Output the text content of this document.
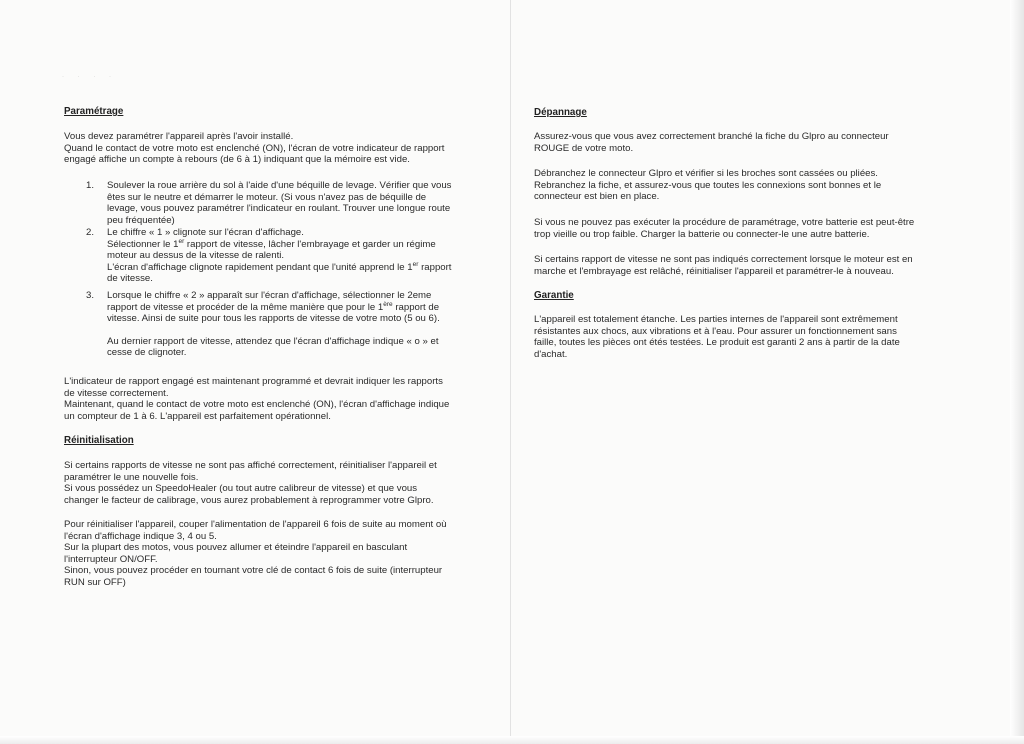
· · · ·
Paramétrage

Vous devez paramétrer l'appareil après l'avoir installé.
Quand le contact de votre moto est enclenché (ON), l'écran de votre indicateur de rapport
engagé affiche un compte à rebours (de 6 à 1) indiquant que la mémoire est vide.

1. Soulever la roue arrière du sol à l'aide d'une béquille de levage. Vérifier que vous
êtes sur le neutre et démarrer le moteur. (Si vous n'avez pas de béquille de
levage, vous pouvez paramétrer l'indicateur en roulant. Trouver une longue route
peu fréquentée)
2. Le chiffre « 1 » clignote sur l'écran d'affichage.
Sélectionner le 1er rapport de vitesse, lâcher l'embrayage et garder un régime
moteur au dessus de la vitesse de ralenti.
L'écran d'affichage clignote rapidement pendant que l'unité apprend le 1er rapport
de vitesse.
3. Lorsque le chiffre « 2 » apparaît sur l'écran d'affichage, sélectionner le 2eme
rapport de vitesse et procéder de la même manière que pour le 1ère rapport de
vitesse. Ainsi de suite pour tous les rapports de vitesse de votre moto (5 ou 6).
Au dernier rapport de vitesse, attendez que l'écran d'affichage indique « o » et
cesse de clignoter.

L'indicateur de rapport engagé est maintenant programmé et devrait indiquer les rapports
de vitesse correctement.
Maintenant, quand le contact de votre moto est enclenché (ON), l'écran d'affichage indique
un compteur de 1 à 6. L'appareil est parfaitement opérationnel.

Réinitialisation

Si certains rapports de vitesse ne sont pas affiché correctement, réinitialiser l'appareil et
paramétrer le une nouvelle fois.
Si vous possédez un SpeedoHealer (ou tout autre calibreur de vitesse) et que vous
changer le facteur de calibrage, vous aurez probablement à reprogrammer votre Glpro.

Pour réinitialiser l'appareil, couper l'alimentation de l'appareil 6 fois de suite au moment où
l'écran d'affichage indique 3, 4 ou 5.
Sur la plupart des motos, vous pouvez allumer et éteindre l'appareil en basculant
l'interrupteur ON/OFF.
Sinon, vous pouvez procéder en tournant votre clé de contact 6 fois de suite (interrupteur
RUN sur OFF)

Dépannage

Assurez-vous que vous avez correctement branché la fiche du Glpro au connecteur
ROUGE de votre moto.

Débranchez le connecteur Glpro et vérifier si les broches sont cassées ou pliées.
Rebranchez la fiche, et assurez-vous que toutes les connexions sont bonnes et le
connecteur est bien en place.

Si vous ne pouvez pas exécuter la procédure de paramétrage, votre batterie est peut-être
trop vieille ou trop faible. Charger la batterie ou connecter-le une autre batterie.

Si certains rapport de vitesse ne sont pas indiqués correctement lorsque le moteur est en
marche et l'embrayage est relâché, réinitialiser l'appareil et paramétrer-le à nouveau.

Garantie

L'appareil est totalement étanche. Les parties internes de l'appareil sont extrêmement
résistantes aux chocs, aux vibrations et à l'eau. Pour assurer un fonctionnement sans
faille, toutes les pièces ont étés testées. Le produit est garanti 2 ans à partir de la date
d'achat.
